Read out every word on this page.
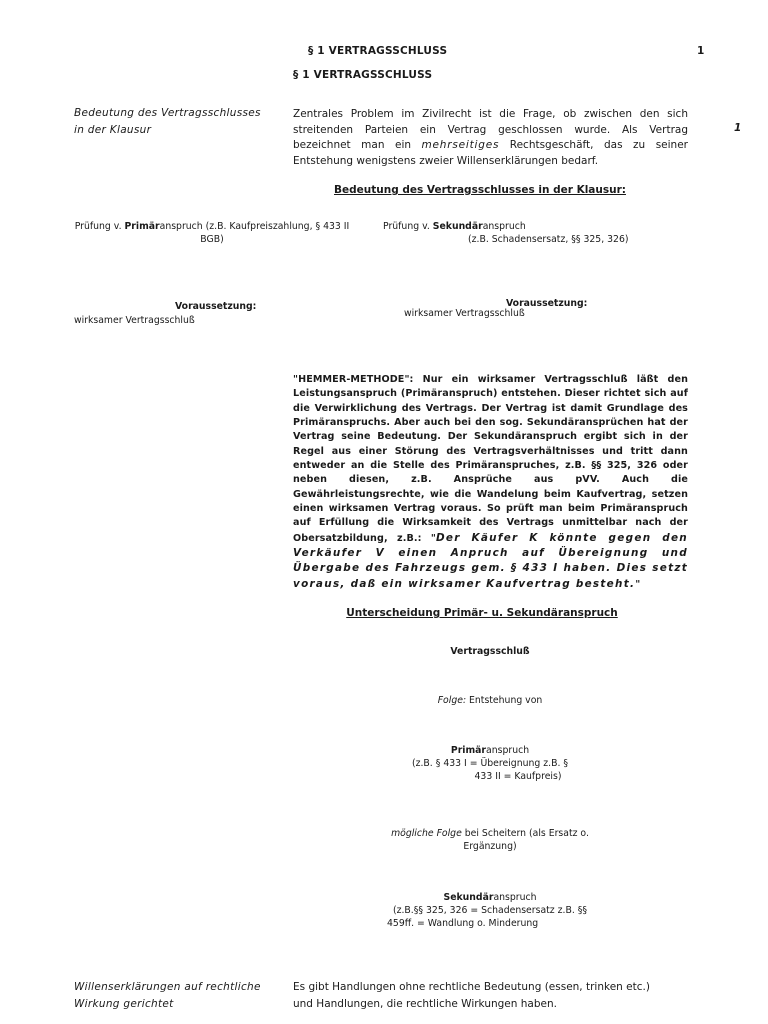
§ 1 VERTRAGSSCHLUSS	1
§ 1 VERTRAGSSCHLUSS
Bedeutung des Vertragsschlusses in der Klausur
Zentrales Problem im Zivilrecht ist die Frage, ob zwischen den sich streitenden Parteien ein Vertrag geschlossen wurde. Als Vertrag bezeichnet man ein mehrseitiges Rechtsgeschäft, das zu seiner Entstehung wenigstens zweier Willenserklärungen bedarf.
1
Bedeutung des Vertragsschlusses in der Klausur:
Prüfung v. Primäranspruch (z.B. Kaufpreiszahlung, § 433 II BGB)
Prüfung v. Sekundäranspruch
(z.B. Schadensersatz, §§ 325, 326)
Voraussetzung:
wirksamer Vertragsschluß
Voraussetzung:
wirksamer Vertragsschluß
"HEMMER-METHODE": Nur ein wirksamer Vertragsschluß läßt den Leistungsanspruch (Primäranspruch) entstehen. Dieser richtet sich auf die Verwirklichung des Vertrags. Der Vertrag ist damit Grundlage des Primäranspruchs. Aber auch bei den sog. Sekundäransprüchen hat der Vertrag seine Bedeutung. Der Sekundäranspruch ergibt sich in der Regel aus einer Störung des Vertragsverhältnisses und tritt dann entweder an die Stelle des Primäranspruches, z.B. §§ 325, 326 oder neben diesen, z.B. Ansprüche aus pVV. Auch die Gewährleistungsrechte, wie die Wandelung beim Kaufvertrag, setzen einen wirksamen Vertrag voraus. So prüft man beim Primäranspruch auf Erfüllung die Wirksamkeit des Vertrags unmittelbar nach der Obersatzbildung, z.B.: "Der Käufer K könnte gegen den Verkäufer V einen Anpruch auf Übereignung und Übergabe des Fahrzeugs gem. § 433 I haben. Dies setzt voraus, daß ein wirksamer Kaufvertrag besteht."
Unterscheidung Primär- u. Sekundäranspruch
Vertragsschluß
Folge: Entstehung von
Primäranspruch
(z.B. § 433 I = Übereignung z.B. §
433 II = Kaufpreis)
mögliche Folge bei Scheitern (als Ersatz o.
Ergänzung)
Sekundäranspruch
(z.B.§§ 325, 326 = Schadensersatz z.B. §§
459ff. = Wandlung o. Minderung
Willenserklärungen auf rechtliche Wirkung gerichtet
Es gibt Handlungen ohne rechtliche Bedeutung (essen, trinken etc.) und Handlungen, die rechtliche Wirkungen haben.
